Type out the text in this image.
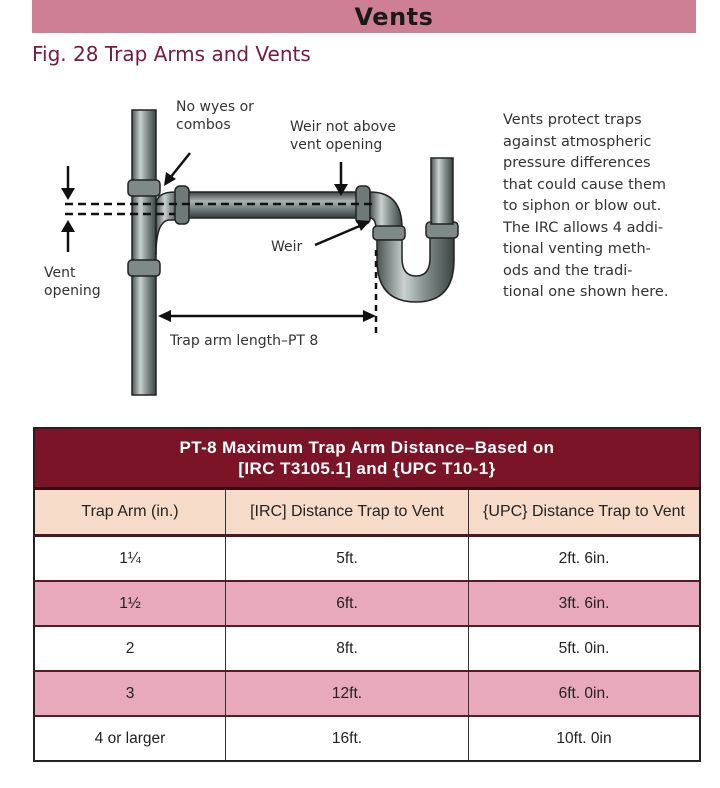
Vents
Fig. 28 Trap Arms and Vents
No wyes or
combos	Weir not above
vent opening
Weir
Vent
opening
Trap arm length–PT 8
Vents protect traps
against atmospheric
pressure differences
that could cause them
to siphon or blow out.
The IRC allows 4 addi-
tional venting meth-
ods and the tradi-
tional one shown here.
PT-8 Maximum Trap Arm Distance–Based on
[IRC T3105.1] and {UPC T10-1}		

Trap Arm (in.)	[IRC] Distance Trap to Vent	{UPC} Distance Trap to Vent
1¼	5ft.	2ft. 6in.
1½	6ft.	3ft. 6in.
2	8ft.	5ft. 0in.
3	12ft.	6ft. 0in.
4 or larger	16ft.	10ft. 0in
